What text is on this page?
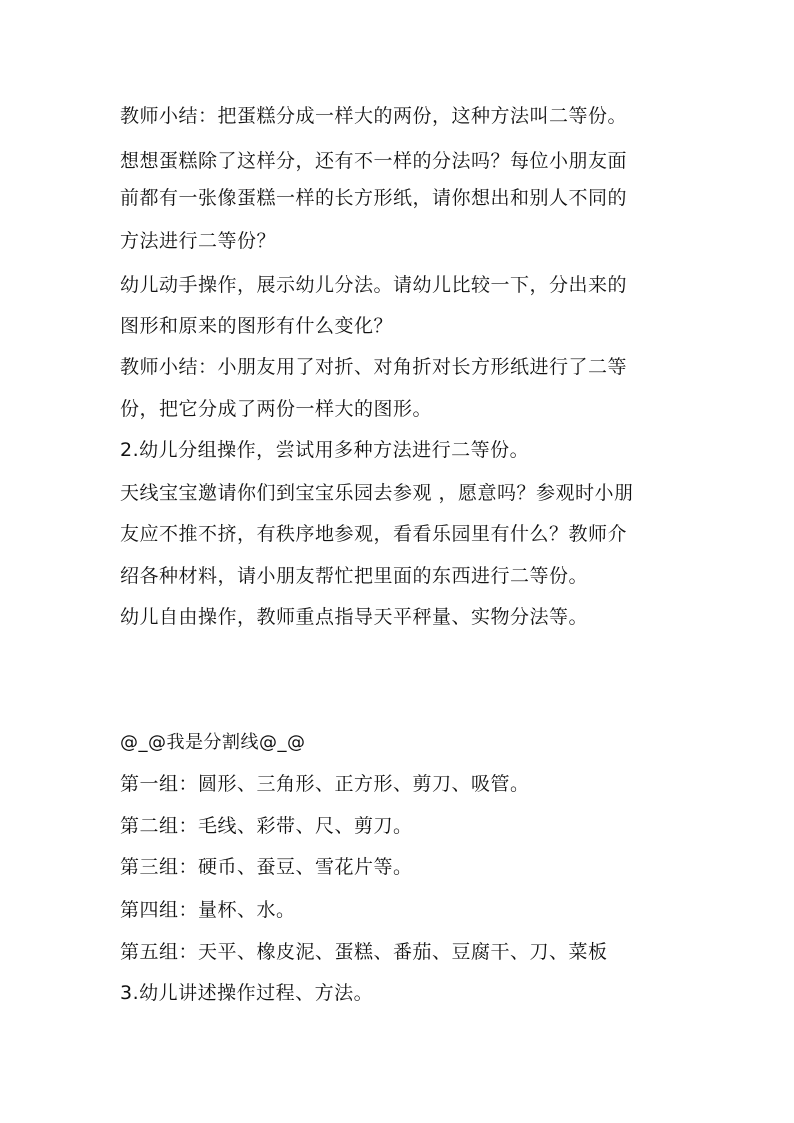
教师小结：把蛋糕分成一样大的两份，这种方法叫二等份。
想想蛋糕除了这样分，还有不一样的分法吗？每位小朋友面
前都有一张像蛋糕一样的长方形纸，请你想出和别人不同的
方法进行二等份？
幼儿动手操作，展示幼儿分法。请幼儿比较一下，分出来的
图形和原来的图形有什么变化？
教师小结：小朋友用了对折、对角折对长方形纸进行了二等
份，把它分成了两份一样大的图形。
2.幼儿分组操作，尝试用多种方法进行二等份。
天线宝宝邀请你们到宝宝乐园去参观 ，愿意吗？参观时小朋
友应不推不挤，有秩序地参观，看看乐园里有什么？教师介
绍各种材料，请小朋友帮忙把里面的东西进行二等份。
幼儿自由操作，教师重点指导天平秤量、实物分法等。
@_@我是分割线@_@
第一组：圆形、三角形、正方形、剪刀、吸管。
第二组：毛线、彩带、尺、剪刀。
第三组：硬币、蚕豆、雪花片等。
第四组：量杯、水。
第五组：天平、橡皮泥、蛋糕、番茄、豆腐干、刀、菜板
3.幼儿讲述操作过程、方法。
